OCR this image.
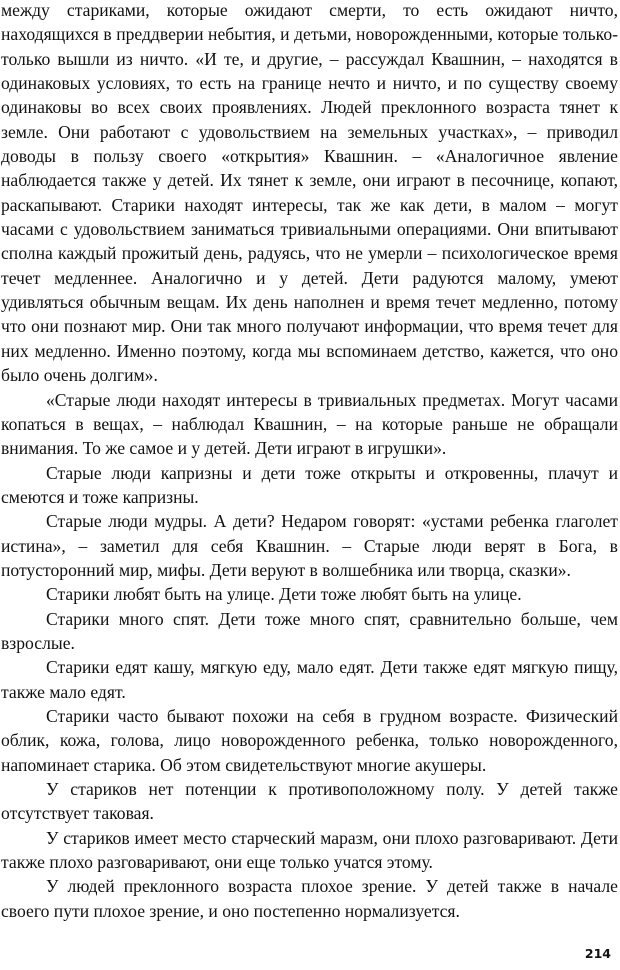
между стариками, которые ожидают смерти, то есть ожидают ничто, находящихся в преддверии небытия, и детьми, новорожденными, которые только-только вышли из ничто. «И те, и другие, – рассуждал Квашнин, – находятся в одинаковых условиях, то есть на границе нечто и ничто, и по существу своему одинаковы во всех своих проявлениях. Людей преклонного возраста тянет к земле. Они работают с удовольствием на земельных участках», – приводил доводы в пользу своего «открытия» Квашнин. – «Аналогичное явление наблюдается также у детей. Их тянет к земле, они играют в песочнице, копают, раскапывают. Старики находят интересы, так же как дети, в малом – могут часами с удовольствием заниматься тривиальными операциями. Они впитывают сполна каждый прожитый день, радуясь, что не умерли – психологическое время течет медленнее. Аналогично и у детей. Дети радуются малому, умеют удивляться обычным вещам. Их день наполнен и время течет медленно, потому что они познают мир. Они так много получают информации, что время течет для них медленно. Именно поэтому, когда мы вспоминаем детство, кажется, что оно было очень долгим».

«Старые люди находят интересы в тривиальных предметах. Могут часами копаться в вещах, – наблюдал Квашнин, – на которые раньше не обращали внимания. То же самое и у детей. Дети играют в игрушки».

Старые люди капризны и дети тоже открыты и откровенны, плачут и смеются и тоже капризны.

Старые люди мудры. А дети? Недаром говорят: «устами ребенка глаголет истина», – заметил для себя Квашнин. – Старые люди верят в Бога, в потусторонний мир, мифы. Дети веруют в волшебника или творца, сказки».

Старики любят быть на улице. Дети тоже любят быть на улице.

Старики много спят. Дети тоже много спят, сравнительно больше, чем взрослые.

Старики едят кашу, мягкую еду, мало едят. Дети также едят мягкую пищу, также мало едят.

Старики часто бывают похожи на себя в грудном возрасте. Физический облик, кожа, голова, лицо новорожденного ребенка, только новорожденного, напоминает старика. Об этом свидетельствуют многие акушеры.

У стариков нет потенции к противоположному полу. У детей также отсутствует таковая.

У стариков имеет место старческий маразм, они плохо разговаривают. Дети также плохо разговаривают, они еще только учатся этому.

У людей преклонного возраста плохое зрение. У детей также в начале своего пути плохое зрение, и оно постепенно нормализуется.

214
